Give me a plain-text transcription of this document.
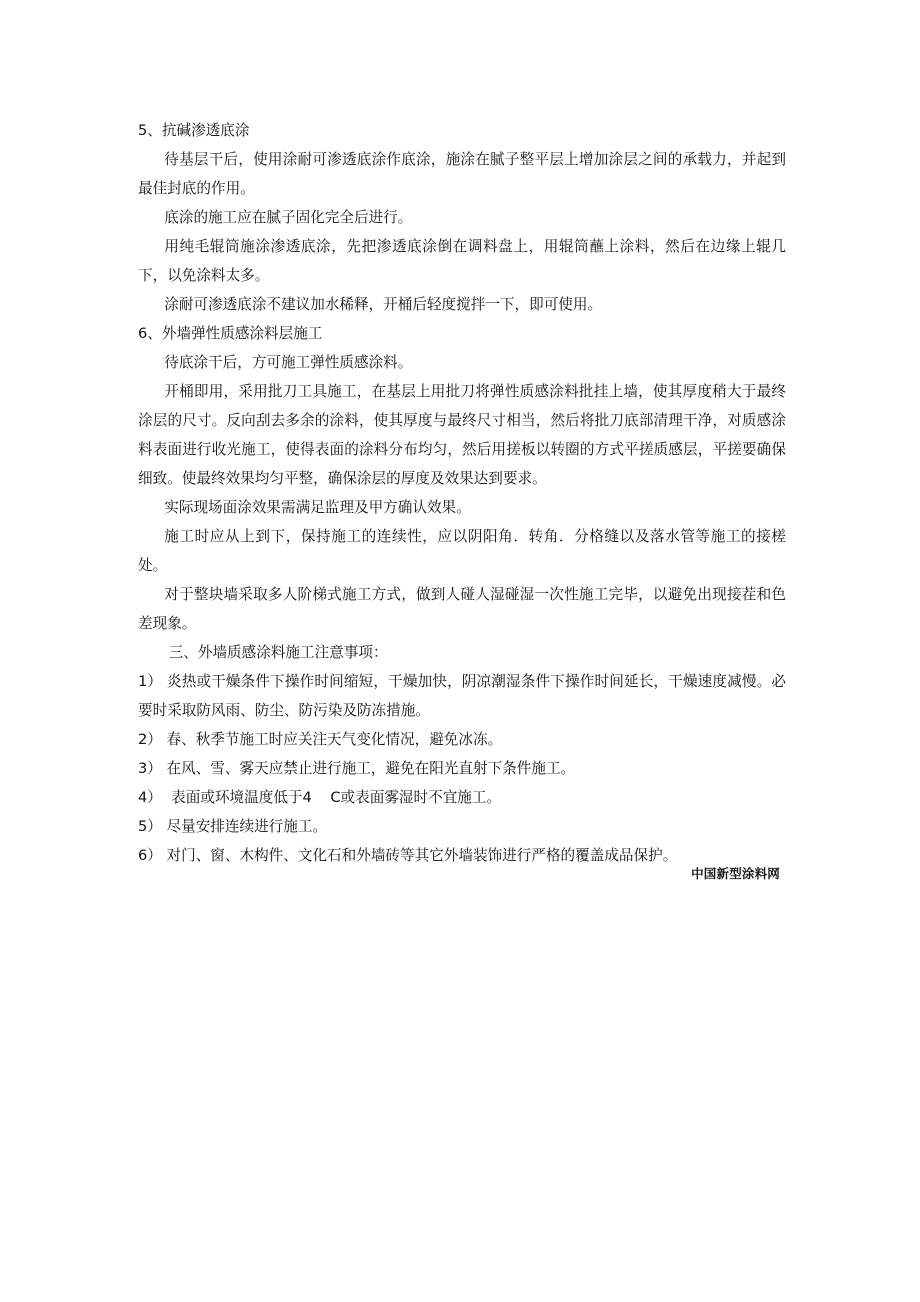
5、抗碱渗透底涂

待基层干后，使用涂耐可渗透底涂作底涂，施涂在腻子整平层上增加涂层之间的承载力，并起到最佳封底的作用。

底涂的施工应在腻子固化完全后进行。

用纯毛辊筒施涂渗透底涂，先把渗透底涂倒在调料盘上，用辊筒蘸上涂料，然后在边缘上辊几下，以免涂料太多。

涂耐可渗透底涂不建议加水稀释，开桶后轻度搅拌一下，即可使用。

6、外墙弹性质感涂料层施工

待底涂干后，方可施工弹性质感涂料。

开桶即用，采用批刀工具施工，在基层上用批刀将弹性质感涂料批挂上墙，使其厚度稍大于最终涂层的尺寸。反向刮去多余的涂料，使其厚度与最终尺寸相当，然后将批刀底部清理干净，对质感涂料表面进行收光施工，使得表面的涂料分布均匀，然后用搓板以转圈的方式平搓质感层，平搓要确保细致。使最终效果均匀平整，确保涂层的厚度及效果达到要求。

实际现场面涂效果需满足监理及甲方确认效果。

施工时应从上到下，保持施工的连续性，应以阴阳角．转角．分格缝以及落水管等施工的接槎处。

对于整块墙采取多人阶梯式施工方式，做到人碰人湿碰湿一次性施工完毕，以避免出现接茬和色差现象。

三、外墙质感涂料施工注意事项：

1） 炎热或干燥条件下操作时间缩短，干燥加快，阴凉潮湿条件下操作时间延长，干燥速度减慢。必要时采取防风雨、防尘、防污染及防冻措施。

2） 春、秋季节施工时应关注天气变化情况，避免冰冻。

3） 在风、雪、雾天应禁止进行施工，避免在阳光直射下条件施工。

4）  表面或环境温度低于4    C或表面雾湿时不宜施工。

5） 尽量安排连续进行施工。

6） 对门、窗、木构件、文化石和外墙砖等其它外墙装饰进行严格的覆盖成品保护。

中国新型涂料网
